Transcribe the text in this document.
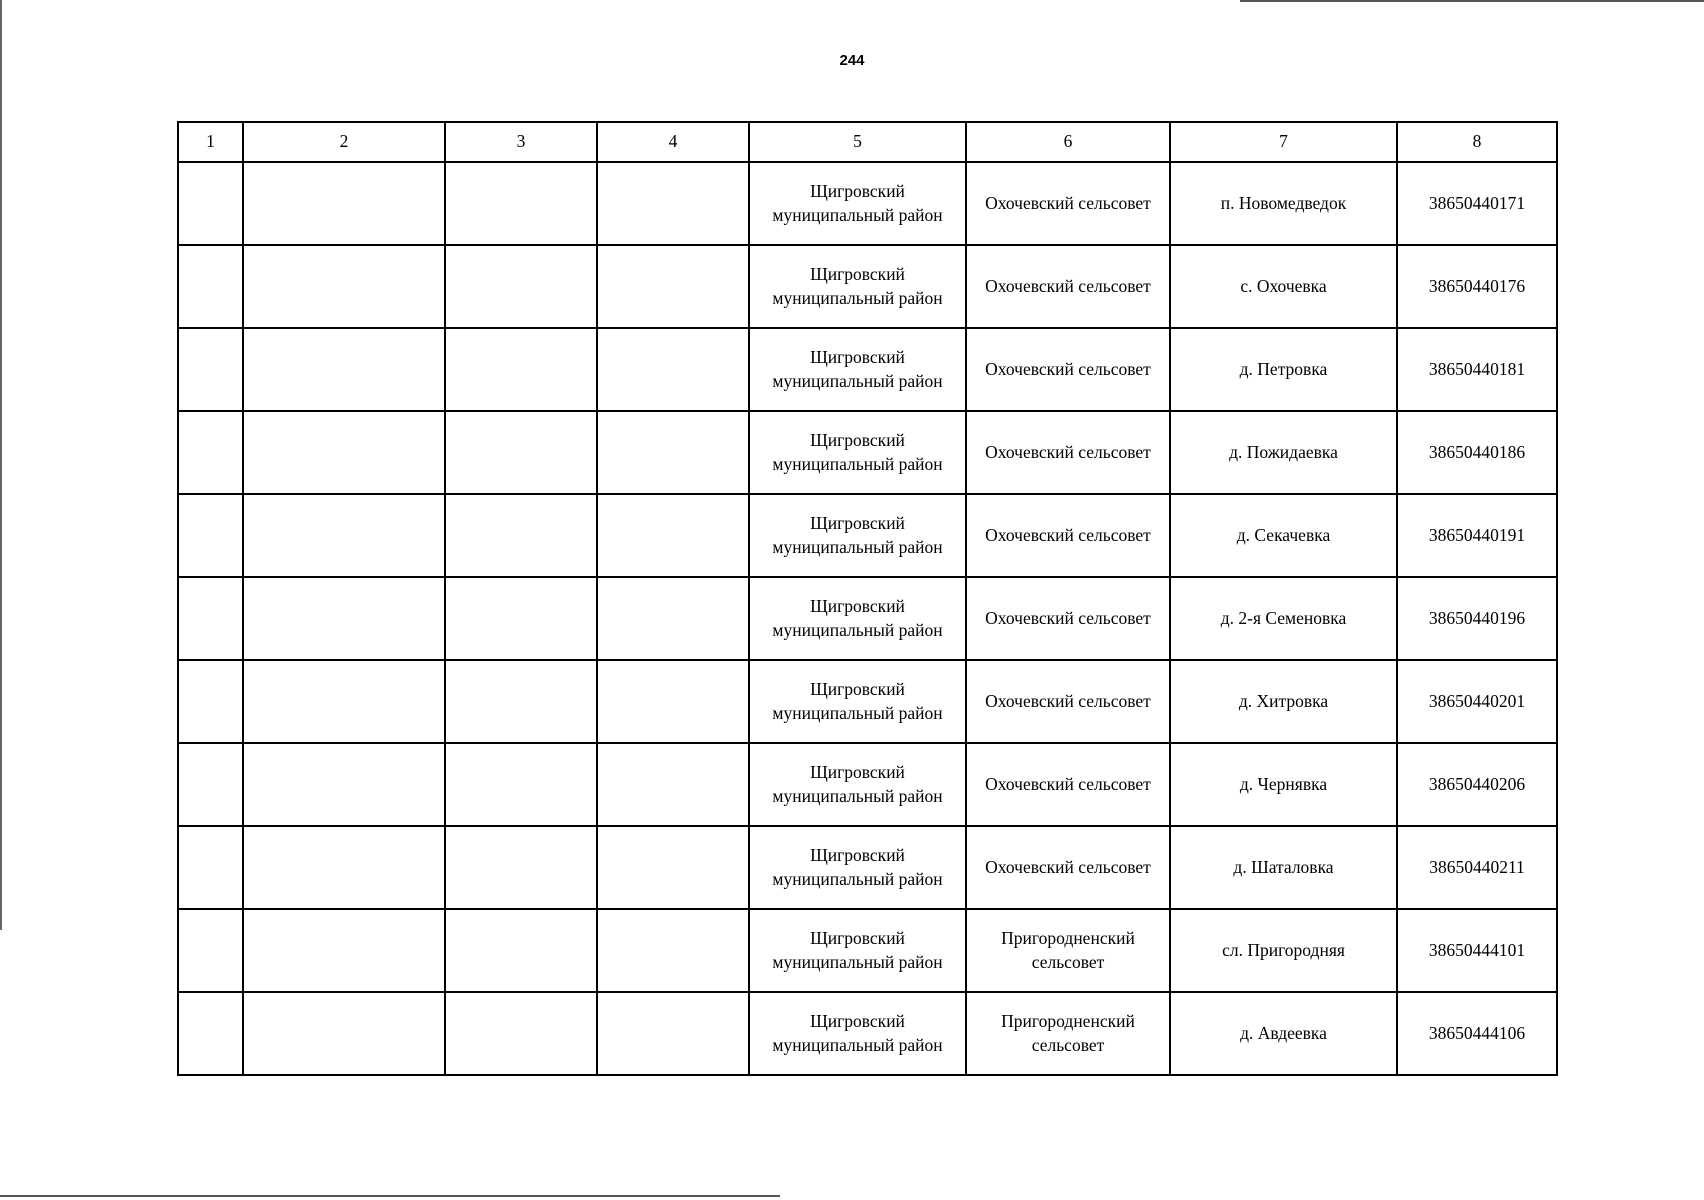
244
1	2	3	4	5	6	7	8
				Щигровский муниципальный район	Охочевский сельсовет	п. Новомедведок	38650440171
				Щигровский муниципальный район	Охочевский сельсовет	с. Охочевка	38650440176
				Щигровский муниципальный район	Охочевский сельсовет	д. Петровка	38650440181
				Щигровский муниципальный район	Охочевский сельсовет	д. Пожидаевка	38650440186
				Щигровский муниципальный район	Охочевский сельсовет	д. Секачевка	38650440191
				Щигровский муниципальный район	Охочевский сельсовет	д. 2-я Семеновка	38650440196
				Щигровский муниципальный район	Охочевский сельсовет	д. Хитровка	38650440201
				Щигровский муниципальный район	Охочевский сельсовет	д. Чернявка	38650440206
				Щигровский муниципальный район	Охочевский сельсовет	д. Шаталовка	38650440211
				Щигровский муниципальный район	Пригородненский сельсовет	сл. Пригородняя	38650444101
				Щигровский муниципальный район	Пригородненский сельсовет	д. Авдеевка	38650444106
